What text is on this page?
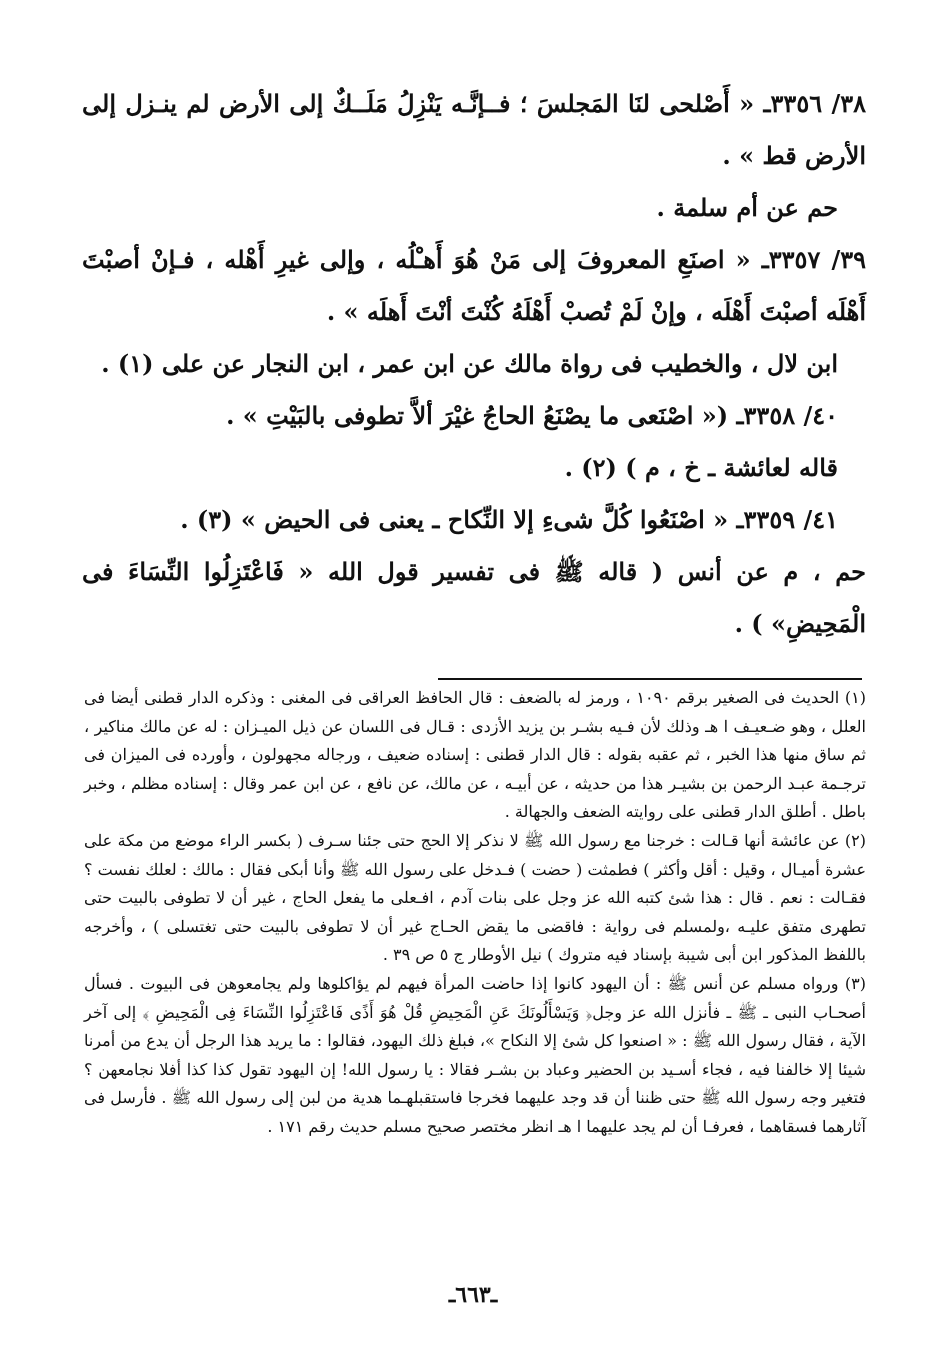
٣٨/ ٣٣٥٦ـ « أَصْلحى لنَا المَجلسَ ؛ فــإنَّـه يَنْزِلُ مَلَــكٌ إلى الأرض لم ينـزل إلى الأرض قط » .

حم عن أم سلمة .

٣٩/ ٣٣٥٧ـ « اصنَعِ المعروفَ إلى مَنْ هُوَ أَهـْلُه ، وإلى غيرِ أَهْله ، فـإنْ أصبْتَ أَهْلَه أصبْتَ أَهْلَه ، وإنْ لَمْ تُصبْ أَهْلَهُ كُنْتَ أنْتَ أَهلَه » .

ابن لال ، والخطيب فى رواة مالك عن ابن عمر ، ابن النجار عن على (١) .

٤٠/ ٣٣٥٨ـ (« اصْنَعى ما يصْنَعُ الحاجُ غيْرَ ألاَّ تطوفى بالبَيْتِ » .

قاله لعائشة ـ خ ، م ) (٢) .

٤١/ ٣٣٥٩ـ « اصْنَعُوا كُلَّ شىءِ إلا النِّكاح ـ يعنى فى الحيض » (٣) .

حم ، م عن أنس ( قاله ﷺ فى تفسير قول الله « فَاعْتَزِلُوا النِّسَاءَ فى الْمَحِيضِ» ) .

(١) الحديث فى الصغير برقم ١٠٩٠ ، ورمز له بالضعف : قال الحافظ العراقى فى المغنى : وذكره الدار قطنى أيضا فى العلل ، وهو ضـعيـف ا هـ وذلك لأن فـيه بشـر بن يزيد الأزدى : قـال فى اللسان عن ذيل الميـزان : له عن مالك مناكير ، ثم ساق منها هذا الخبر ، ثم عقبه بقوله : قال الدار قطنى : إسناده ضعيف ، ورجاله مجهولون ، وأورده فى الميزان فى ترجـمة عبـد الرحمن بن بشيـر هذا من حديثه ، عن أبيـه ، عن مالك، عن نافع ، عن ابن عمر وقال : إسناده مظلم ، وخبر باطل . أطلق الدار قطنى على روايته الضعف والجهالة .

(٢) عن عائشة أنها قـالت : خرجنا مع رسول الله ﷺ لا نذكر إلا الحج حتى جئنا سـرف ( بكسر الراء موضع من مكة على عشرة أميـال ، وقيل : أقل وأكثر ) فطمثت ( حضت ) فـدخل على رسول الله ﷺ وأنا أبكى فقال : مالك : لعلك نفست ؟ فقـالت : نعم . قال : هذا شئ كتبه الله عز وجل على بنات آدم ، افـعلى ما يفعل الحاج ، غير أن لا تطوفى بالبيت حتى تطهرى متفق عليـه ،ولمسلم فى رواية : فاقضى ما يقض الحـاج غير أن لا تطوفى بالبيت حتى تغتسلى ) ، وأخرجه باللفظ المذكور ابن أبى شيبة بإسناد فيه متروك ) نيل الأوطار ج ٥ ص ٣٩ .

(٣) ورواه مسلم عن أنس ﷺ : أن اليهود كانوا إذا حاضت المرأة فيهم لم يؤاكلوها ولم يجامعوهن فى البيوت . فسأل أصحـاب النبى ـ ﷺ ـ فأنزل الله عز وجل﴿ وَيَسْأَلُونَكَ عَنِ الْمَحِيضِ قُلْ هُوَ أَذًى فَاعْتَزِلُوا النِّسَاءَ فِى الْمَحِيضِ ﴾ إلى آخر الآية ، فقال رسول الله ﷺ : « اصنعوا كل شئ إلا النكاح »، فبلغ ذلك اليهود، فقالوا : ما يريد هذا الرجل أن يدع من أمرنا شيئا إلا خالفنا فيه ، فجاء أسـيد بن الحضير وعباد بن بشـر فقالا : يا رسول الله! إن اليهود تقول كذا كذا أفلا نجامعهن ؟ فتغير وجه رسول الله ﷺ حتى ظننا أن قد وجد عليهما فخرجا فاستقبلهـما هدية من لبن إلى رسول الله ﷺ . فأرسل فى آثارهما فسقاهما ، فعرفـا أن لم يجد عليهما ا هـ انظر مختصر صحيح مسلم حديث رقم ١٧١ .

ـ٦٦٣ـ
